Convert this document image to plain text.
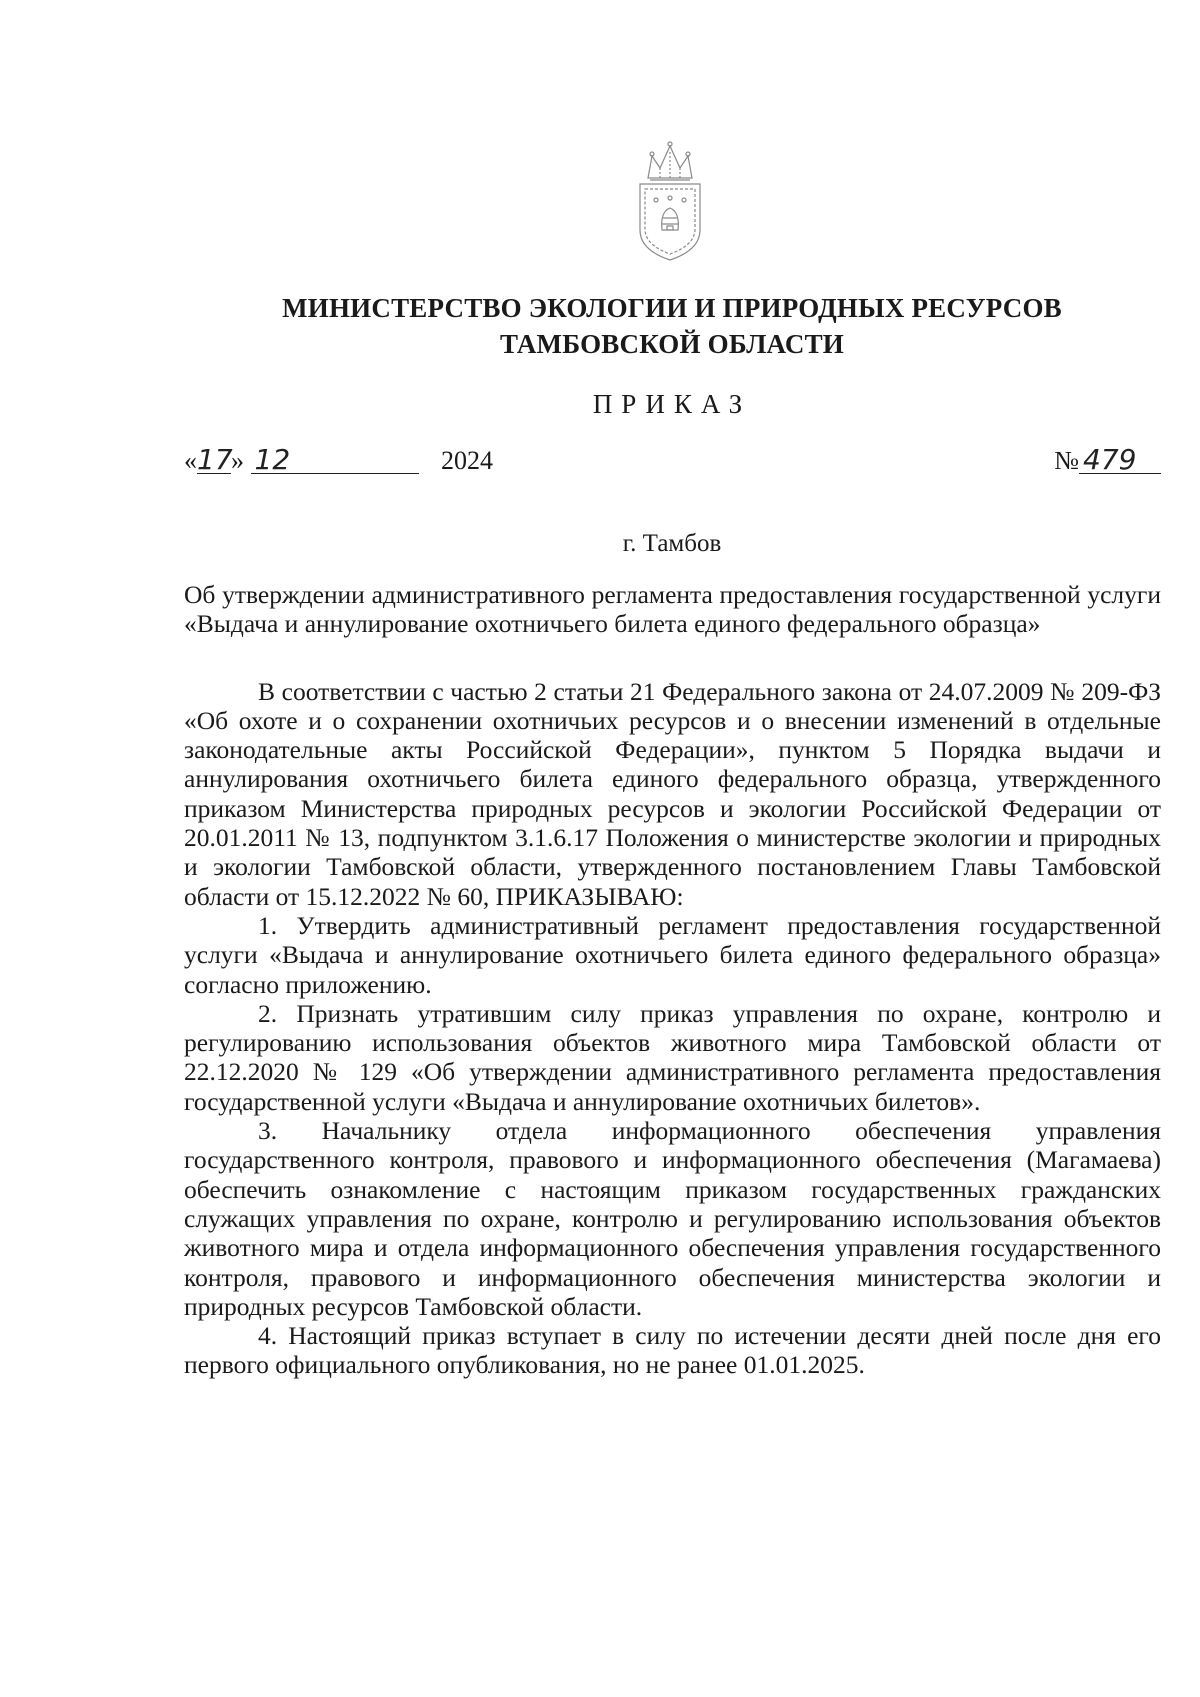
МИНИСТЕРСТВО ЭКОЛОГИИ И ПРИРОДНЫХ РЕСУРСОВ
ТАМБОВСКОЙ ОБЛАСТИ
ПРИКАЗ
«17» 12	2024	№ 479
г. Тамбов

Об утверждении административного регламента предоставления государственной услуги «Выдача и аннулирование охотничьего билета единого федерального образца»

В соответствии с частью 2 статьи 21 Федерального закона от 24.07.2009 № 209-ФЗ «Об охоте и о сохранении охотничьих ресурсов и о внесении изменений в отдельные законодательные акты Российской Федерации», пунктом 5 Порядка выдачи и аннулирования охотничьего билета единого федерального образца, утвержденного приказом Министерства природных ресурсов и экологии Российской Федерации от 20.01.2011 № 13, подпунктом 3.1.6.17 Положения о министерстве экологии и природных и экологии Тамбовской области, утвержденного постановлением Главы Тамбовской области от 15.12.2022 № 60, ПРИКАЗЫВАЮ:

1. Утвердить административный регламент предоставления государственной услуги «Выдача и аннулирование охотничьего билета единого федерального образца» согласно приложению.

2. Признать утратившим силу приказ управления по охране, контролю и регулированию использования объектов животного мира Тамбовской области от 22.12.2020 № 129 «Об утверждении административного регламента предоставления государственной услуги «Выдача и аннулирование охотничьих билетов».

3. Начальнику отдела информационного обеспечения управления государственного контроля, правового и информационного обеспечения (Магамаева) обеспечить ознакомление с настоящим приказом государственных гражданских служащих управления по охране, контролю и регулированию использования объектов животного мира и отдела информационного обеспечения управления государственного контроля, правового и информационного обеспечения министерства экологии и природных ресурсов Тамбовской области.

4. Настоящий приказ вступает в силу по истечении десяти дней после дня его первого официального опубликования, но не ранее 01.01.2025.
